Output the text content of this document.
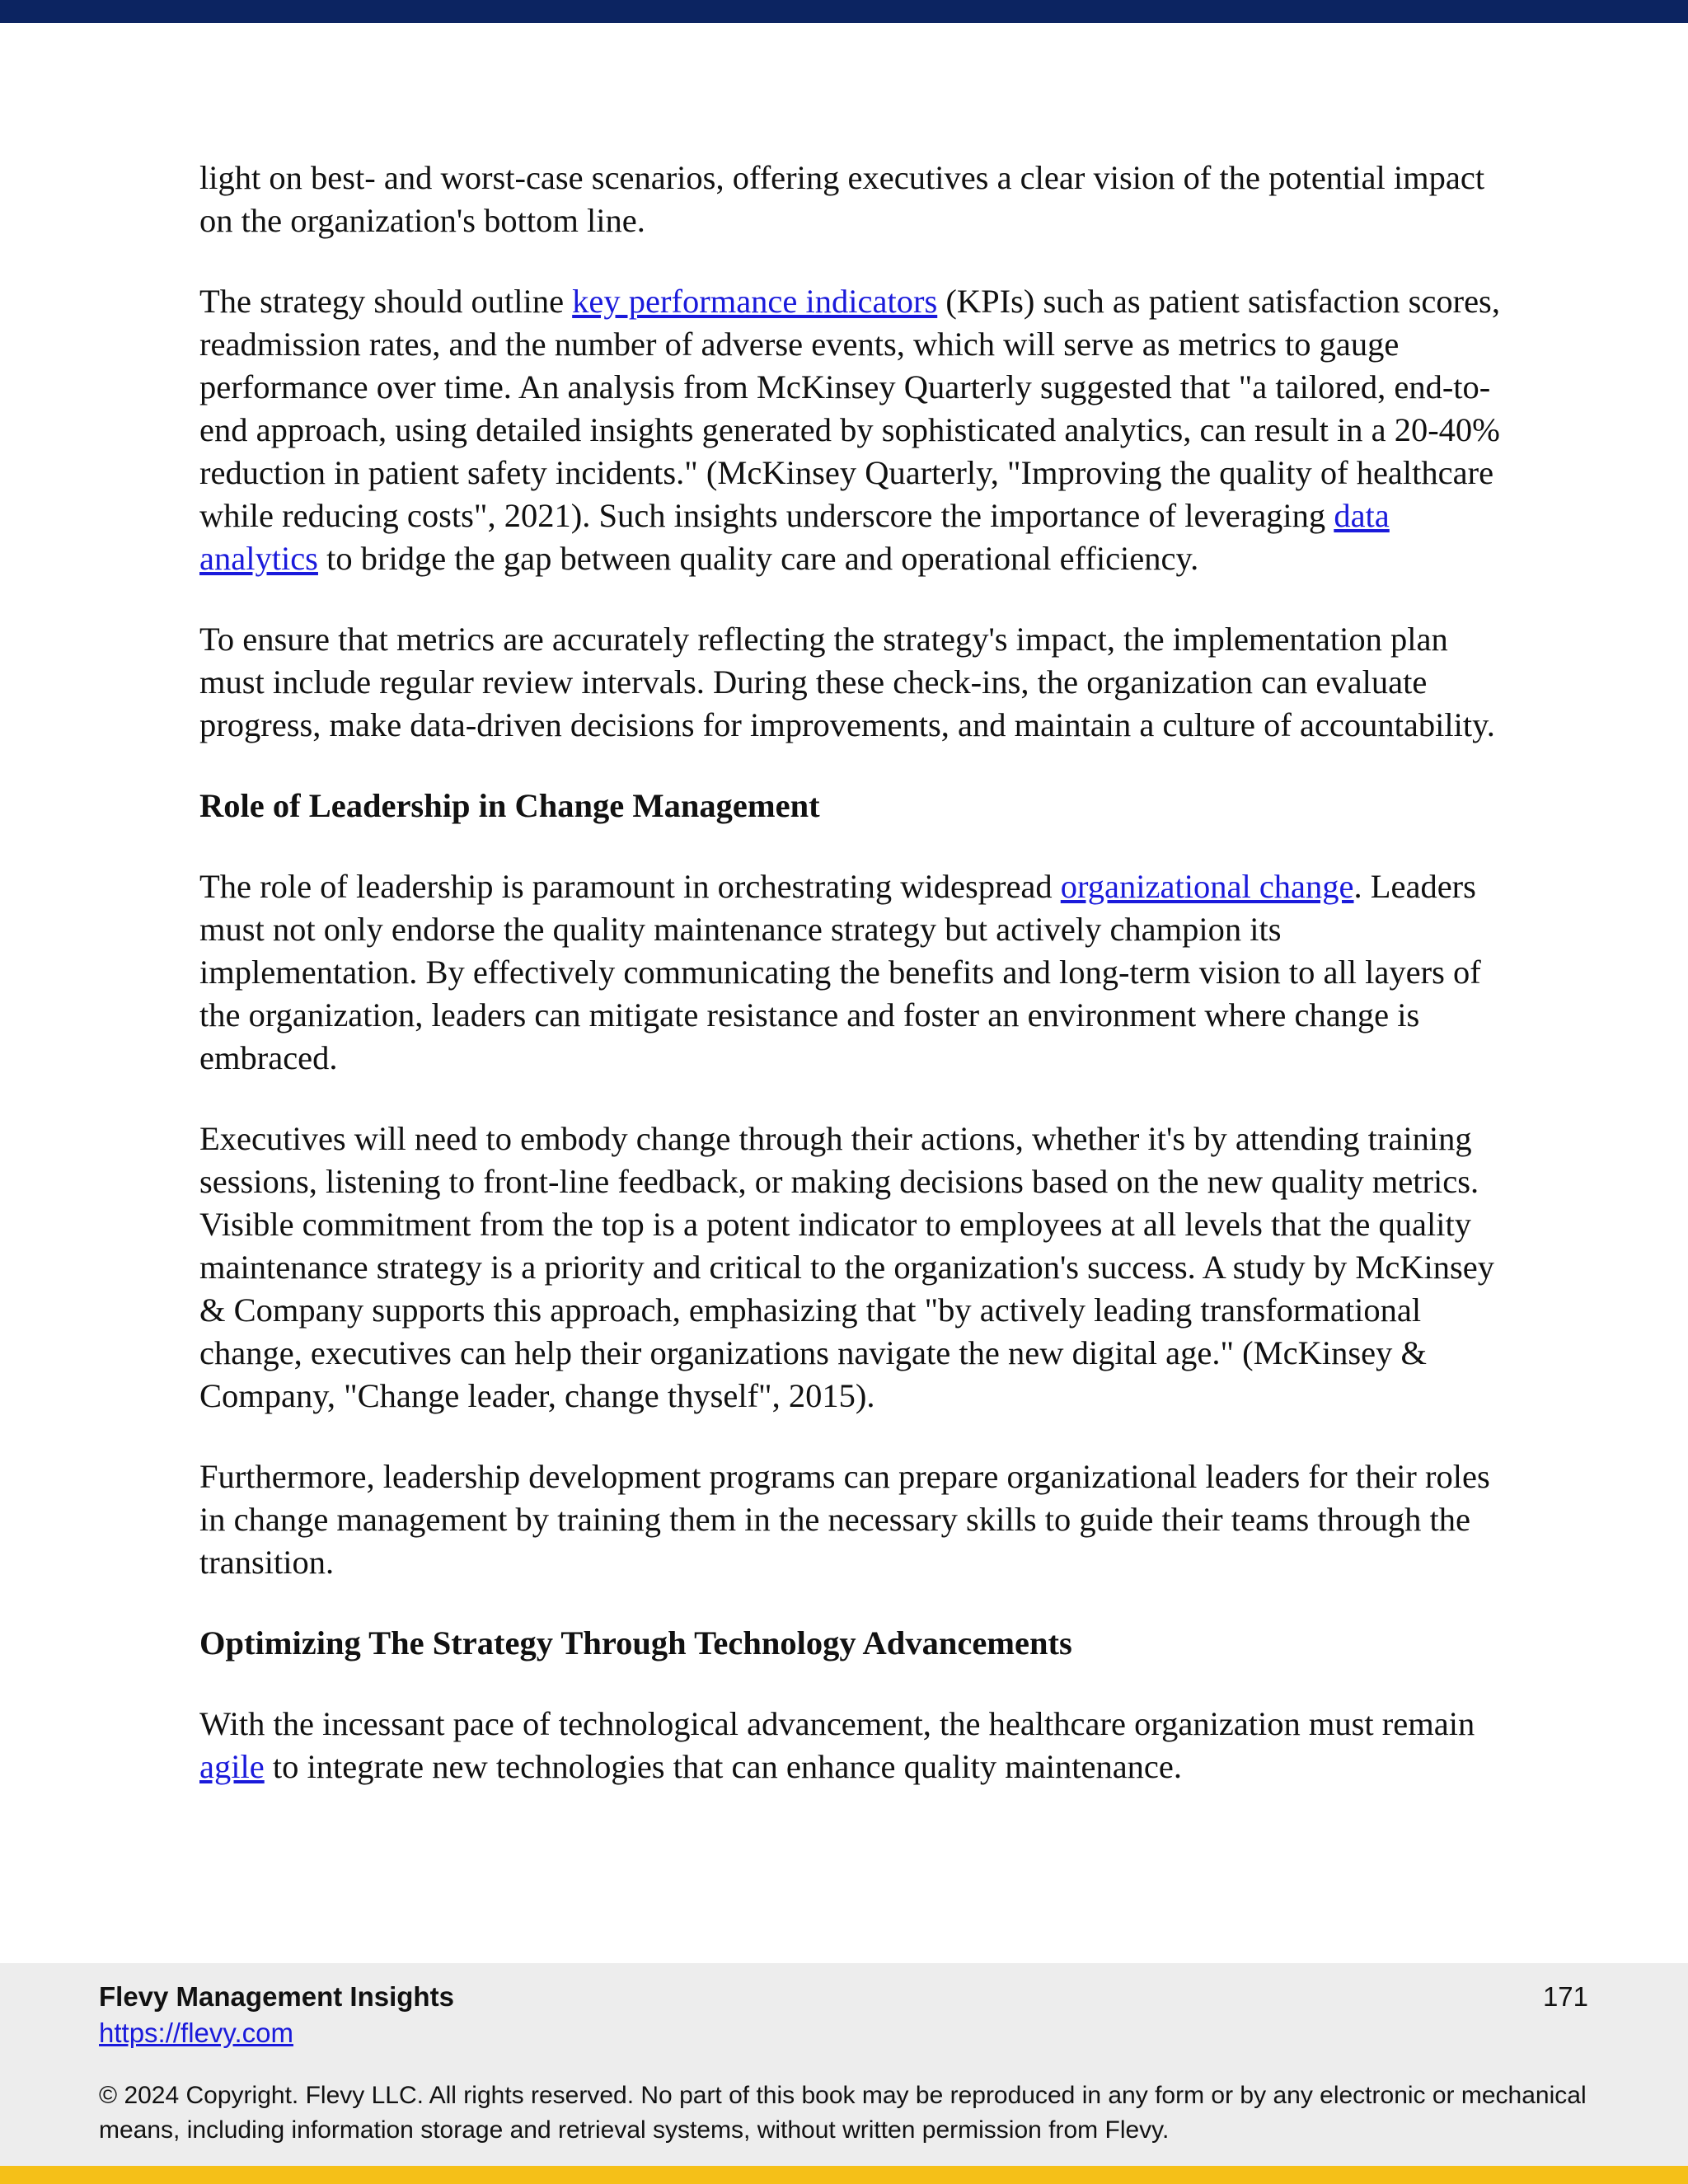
light on best- and worst-case scenarios, offering executives a clear vision of the potential impact on the organization's bottom line.

The strategy should outline key performance indicators (KPIs) such as patient satisfaction scores, readmission rates, and the number of adverse events, which will serve as metrics to gauge performance over time. An analysis from McKinsey Quarterly suggested that "a tailored, end-to-end approach, using detailed insights generated by sophisticated analytics, can result in a 20-40% reduction in patient safety incidents." (McKinsey Quarterly, "Improving the quality of healthcare while reducing costs", 2021). Such insights underscore the importance of leveraging data analytics to bridge the gap between quality care and operational efficiency.

To ensure that metrics are accurately reflecting the strategy's impact, the implementation plan must include regular review intervals. During these check-ins, the organization can evaluate progress, make data-driven decisions for improvements, and maintain a culture of accountability.

Role of Leadership in Change Management

The role of leadership is paramount in orchestrating widespread organizational change. Leaders must not only endorse the quality maintenance strategy but actively champion its implementation. By effectively communicating the benefits and long-term vision to all layers of the organization, leaders can mitigate resistance and foster an environment where change is embraced.

Executives will need to embody change through their actions, whether it's by attending training sessions, listening to front-line feedback, or making decisions based on the new quality metrics. Visible commitment from the top is a potent indicator to employees at all levels that the quality maintenance strategy is a priority and critical to the organization's success. A study by McKinsey & Company supports this approach, emphasizing that "by actively leading transformational change, executives can help their organizations navigate the new digital age." (McKinsey & Company, "Change leader, change thyself", 2015).

Furthermore, leadership development programs can prepare organizational leaders for their roles in change management by training them in the necessary skills to guide their teams through the transition.

Optimizing The Strategy Through Technology Advancements

With the incessant pace of technological advancement, the healthcare organization must remain agile to integrate new technologies that can enhance quality maintenance.

Flevy Management Insights
https://flevy.com
171
© 2024 Copyright. Flevy LLC. All rights reserved. No part of this book may be reproduced in any form or by any electronic or mechanical means, including information storage and retrieval systems, without written permission from Flevy.
